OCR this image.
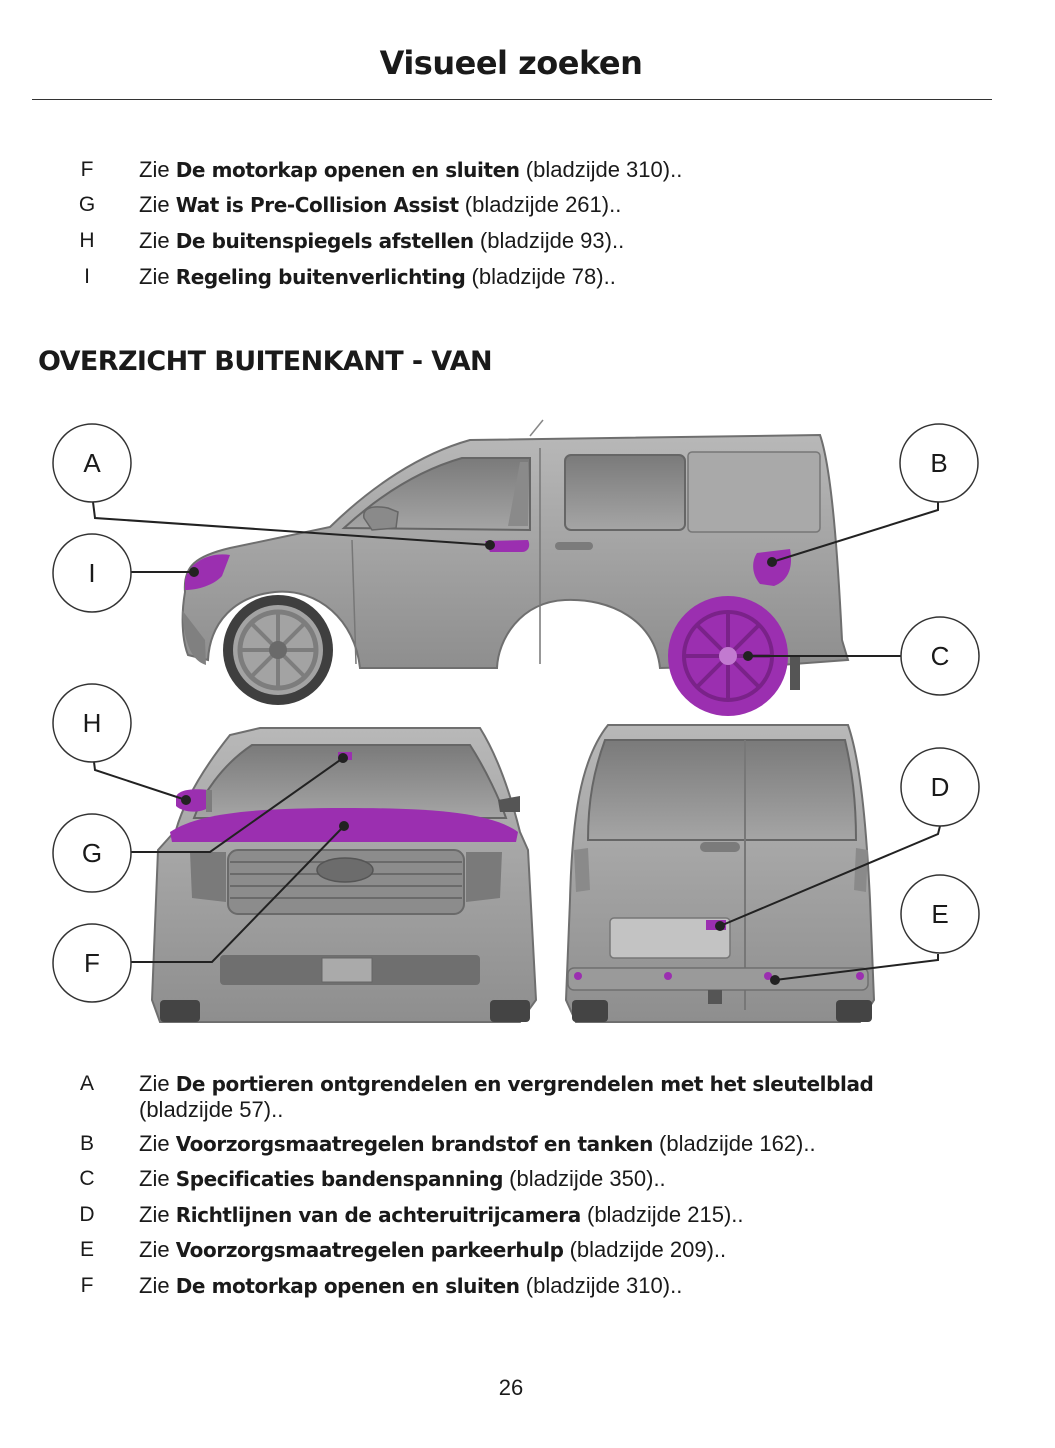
Visueel zoeken
F	Zie De motorkap openen en sluiten (bladzijde 310)..
G	Zie Wat is Pre-Collision Assist (bladzijde 261)..
H	Zie De buitenspiegels afstellen (bladzijde 93)..
I	Zie Regeling buitenverlichting (bladzijde 78)..
OVERZICHT BUITENKANT - VAN
A	B
I
C
H
D
G
E
F
A	Zie De portieren ontgrendelen en vergrendelen met het sleutelblad
(bladzijde 57)..
B	Zie Voorzorgsmaatregelen brandstof en tanken (bladzijde 162)..
C	Zie Specificaties bandenspanning (bladzijde 350)..
D	Zie Richtlijnen van de achteruitrijcamera (bladzijde 215)..
E	Zie Voorzorgsmaatregelen parkeerhulp (bladzijde 209)..
F	Zie De motorkap openen en sluiten (bladzijde 310)..
26
